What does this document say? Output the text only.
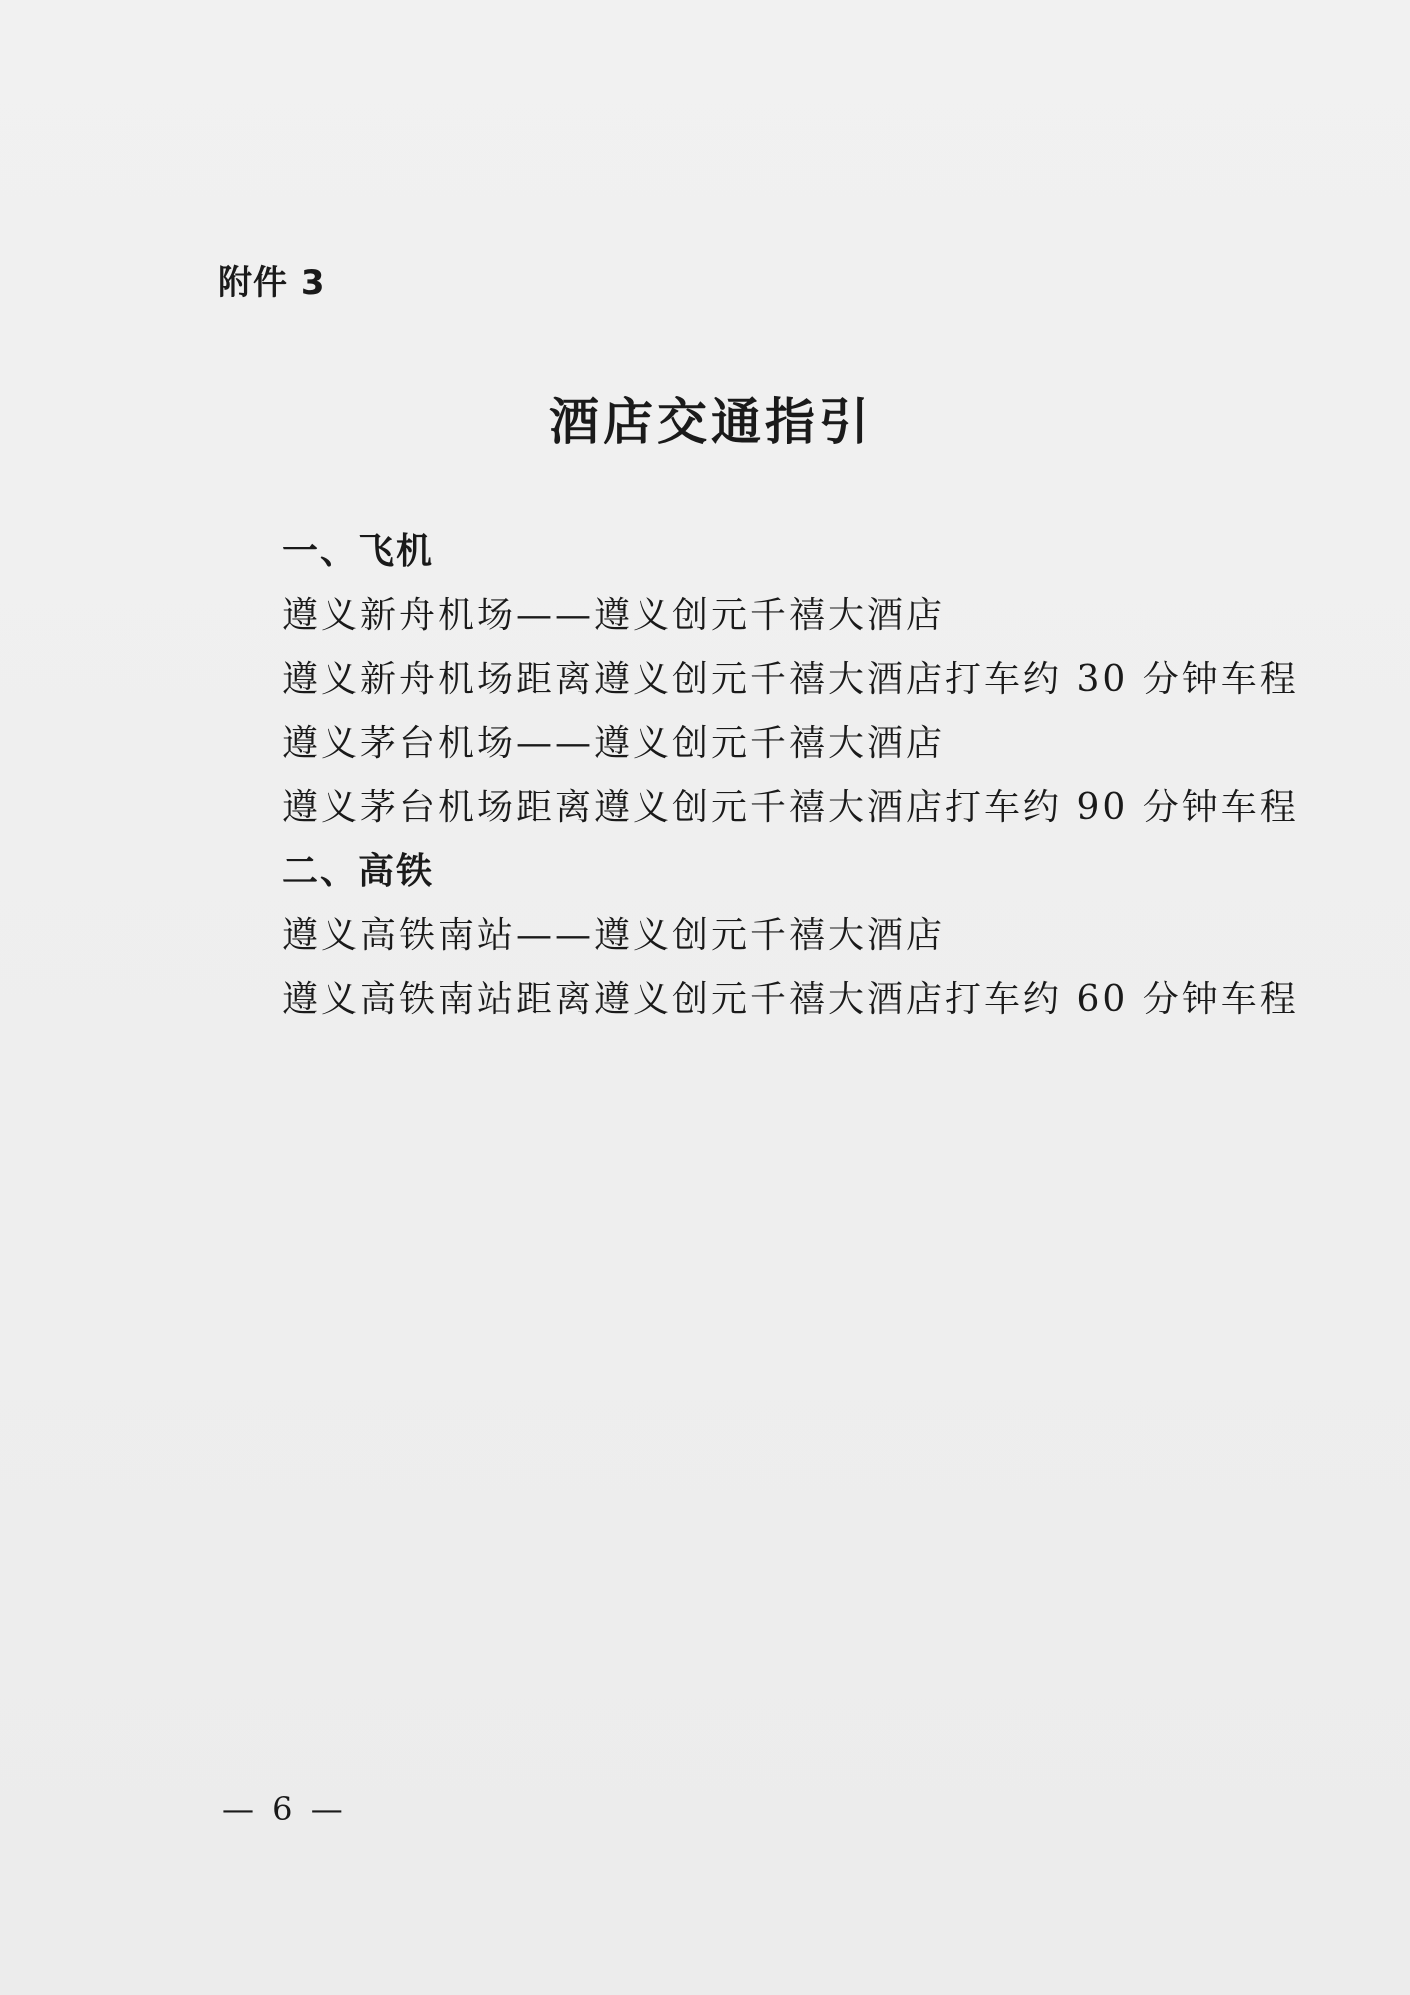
附件 3
酒店交通指引
一、飞机
遵义新舟机场——遵义创元千禧大酒店
遵义新舟机场距离遵义创元千禧大酒店打车约 30 分钟车程
遵义茅台机场——遵义创元千禧大酒店
遵义茅台机场距离遵义创元千禧大酒店打车约 90 分钟车程
二、高铁
遵义高铁南站——遵义创元千禧大酒店
遵义高铁南站距离遵义创元千禧大酒店打车约 60 分钟车程
— 6 —
